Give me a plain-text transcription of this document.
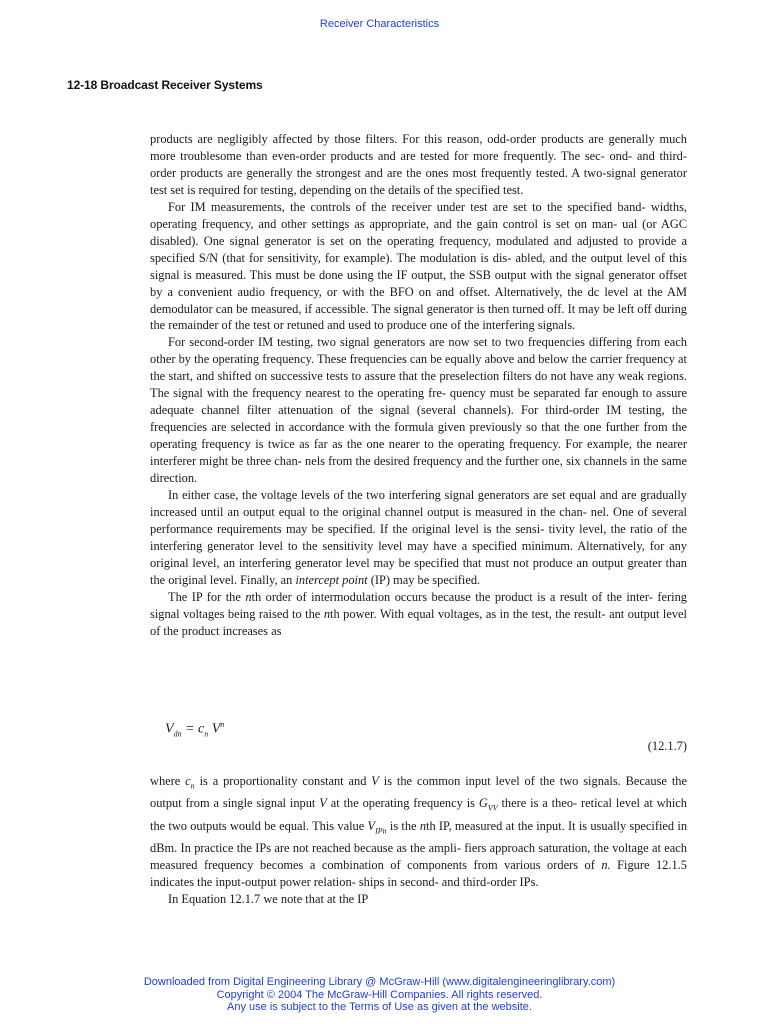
Receiver Characteristics
12-18 Broadcast Receiver Systems

products are negligibly affected by those filters. For this reason, odd-order products are generally much more troublesome than even-order products and are tested for more frequently. The sec- ond- and third-order products are generally the strongest and are the ones most frequently tested. A two-signal generator test set is required for testing, depending on the details of the specified test.

For IM measurements, the controls of the receiver under test are set to the specified band- widths, operating frequency, and other settings as appropriate, and the gain control is set on man- ual (or AGC disabled). One signal generator is set on the operating frequency, modulated and adjusted to provide a specified S/N (that for sensitivity, for example). The modulation is dis- abled, and the output level of this signal is measured. This must be done using the IF output, the SSB output with the signal generator offset by a convenient audio frequency, or with the BFO on and offset. Alternatively, the dc level at the AM demodulator can be measured, if accessible. The signal generator is then turned off. It may be left off during the remainder of the test or retuned and used to produce one of the interfering signals.

For second-order IM testing, two signal generators are now set to two frequencies differing from each other by the operating frequency. These frequencies can be equally above and below the carrier frequency at the start, and shifted on successive tests to assure that the preselection filters do not have any weak regions. The signal with the frequency nearest to the operating fre- quency must be separated far enough to assure adequate channel filter attenuation of the signal (several channels). For third-order IM testing, the frequencies are selected in accordance with the formula given previously so that the one further from the operating frequency is twice as far as the one nearer to the operating frequency. For example, the nearer interferer might be three chan- nels from the desired frequency and the further one, six channels in the same direction.

In either case, the voltage levels of the two interfering signal generators are set equal and are gradually increased until an output equal to the original channel output is measured in the chan- nel. One of several performance requirements may be specified. If the original level is the sensi- tivity level, the ratio of the interfering generator level to the sensitivity level may have a specified minimum. Alternatively, for any original level, an interfering generator level may be specified that must not produce an output greater than the original level. Finally, an intercept point (IP) may be specified.

The IP for the nth order of intermodulation occurs because the product is a result of the inter- fering signal voltages being raised to the nth power. With equal voltages, as in the test, the result- ant output level of the product increases as

$V_{dn} = c_n$ $V^n$
(12.1.7)

where $c_n$ is a proportionality constant and V is the common input level of the two signals. Because the output from a single signal input V at the operating frequency is $G_{VV}$ there is a theo- retical level at which the two outputs would be equal. This value $V_{IPn}$ is the nth IP, measured at the input. It is usually specified in dBm. In practice the IPs are not reached because as the ampli- fiers approach saturation, the voltage at each measured frequency becomes a combination of components from various orders of n. Figure 12.1.5 indicates the input-output power relation- ships in second- and third-order IPs.

In Equation 12.1.7 we note that at the IP

Downloaded from Digital Engineering Library @ McGraw-Hill (www.digitalengineeringlibrary.com)
Copyright © 2004 The McGraw-Hill Companies. All rights reserved.
Any use is subject to the Terms of Use as given at the website.
